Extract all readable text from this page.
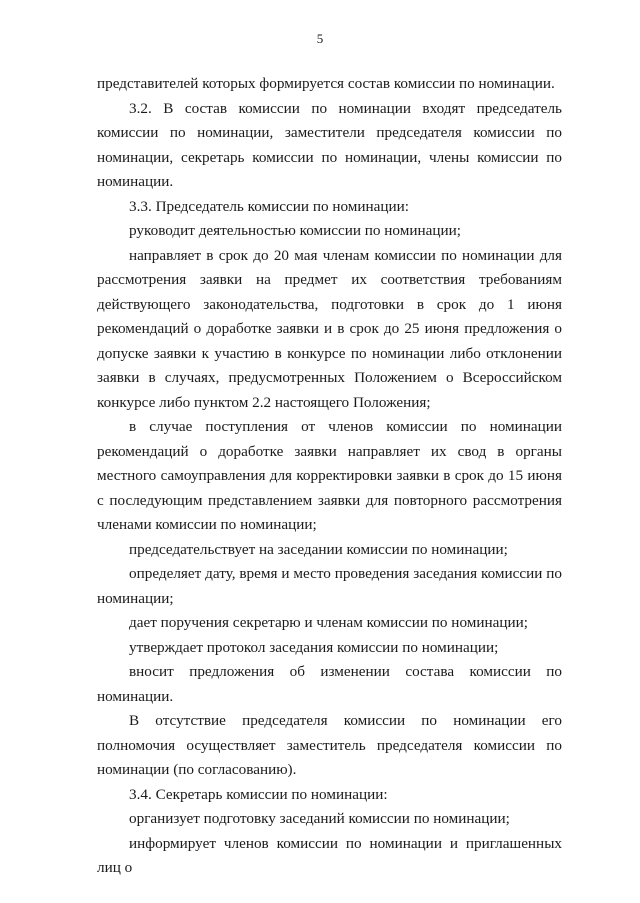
5

представителей которых формируется состав комиссии по номинации.

3.2. В состав комиссии по номинации входят председатель комиссии по номинации, заместители председателя комиссии по номинации, секретарь комиссии по номинации, члены комиссии по номинации.

3.3. Председатель комиссии по номинации:

руководит деятельностью комиссии по номинации;

направляет в срок до 20 мая членам комиссии по номинации для рассмотрения заявки на предмет их соответствия требованиям действующего законодательства, подготовки в срок до 1 июня рекомендаций о доработке заявки и в срок до 25 июня предложения о допуске заявки к участию в конкурсе по номинации либо отклонении заявки в случаях, предусмотренных Положением о Всероссийском конкурсе либо пунктом 2.2 настоящего Положения;

в случае поступления от членов комиссии по номинации рекомендаций о доработке заявки направляет их свод в органы местного самоуправления для корректировки заявки в срок до 15 июня с последующим представлением заявки для повторного рассмотрения членами комиссии по номинации;

председательствует на заседании комиссии по номинации;

определяет дату, время и место проведения заседания комиссии по номинации;

дает поручения секретарю и членам комиссии по номинации;

утверждает протокол заседания комиссии по номинации;

вносит предложения об изменении состава комиссии по номинации.

В отсутствие председателя комиссии по номинации его полномочия осуществляет заместитель председателя комиссии по номинации (по согласованию).

3.4. Секретарь комиссии по номинации:

организует подготовку заседаний комиссии по номинации;

информирует членов комиссии по номинации и приглашенных лиц о
